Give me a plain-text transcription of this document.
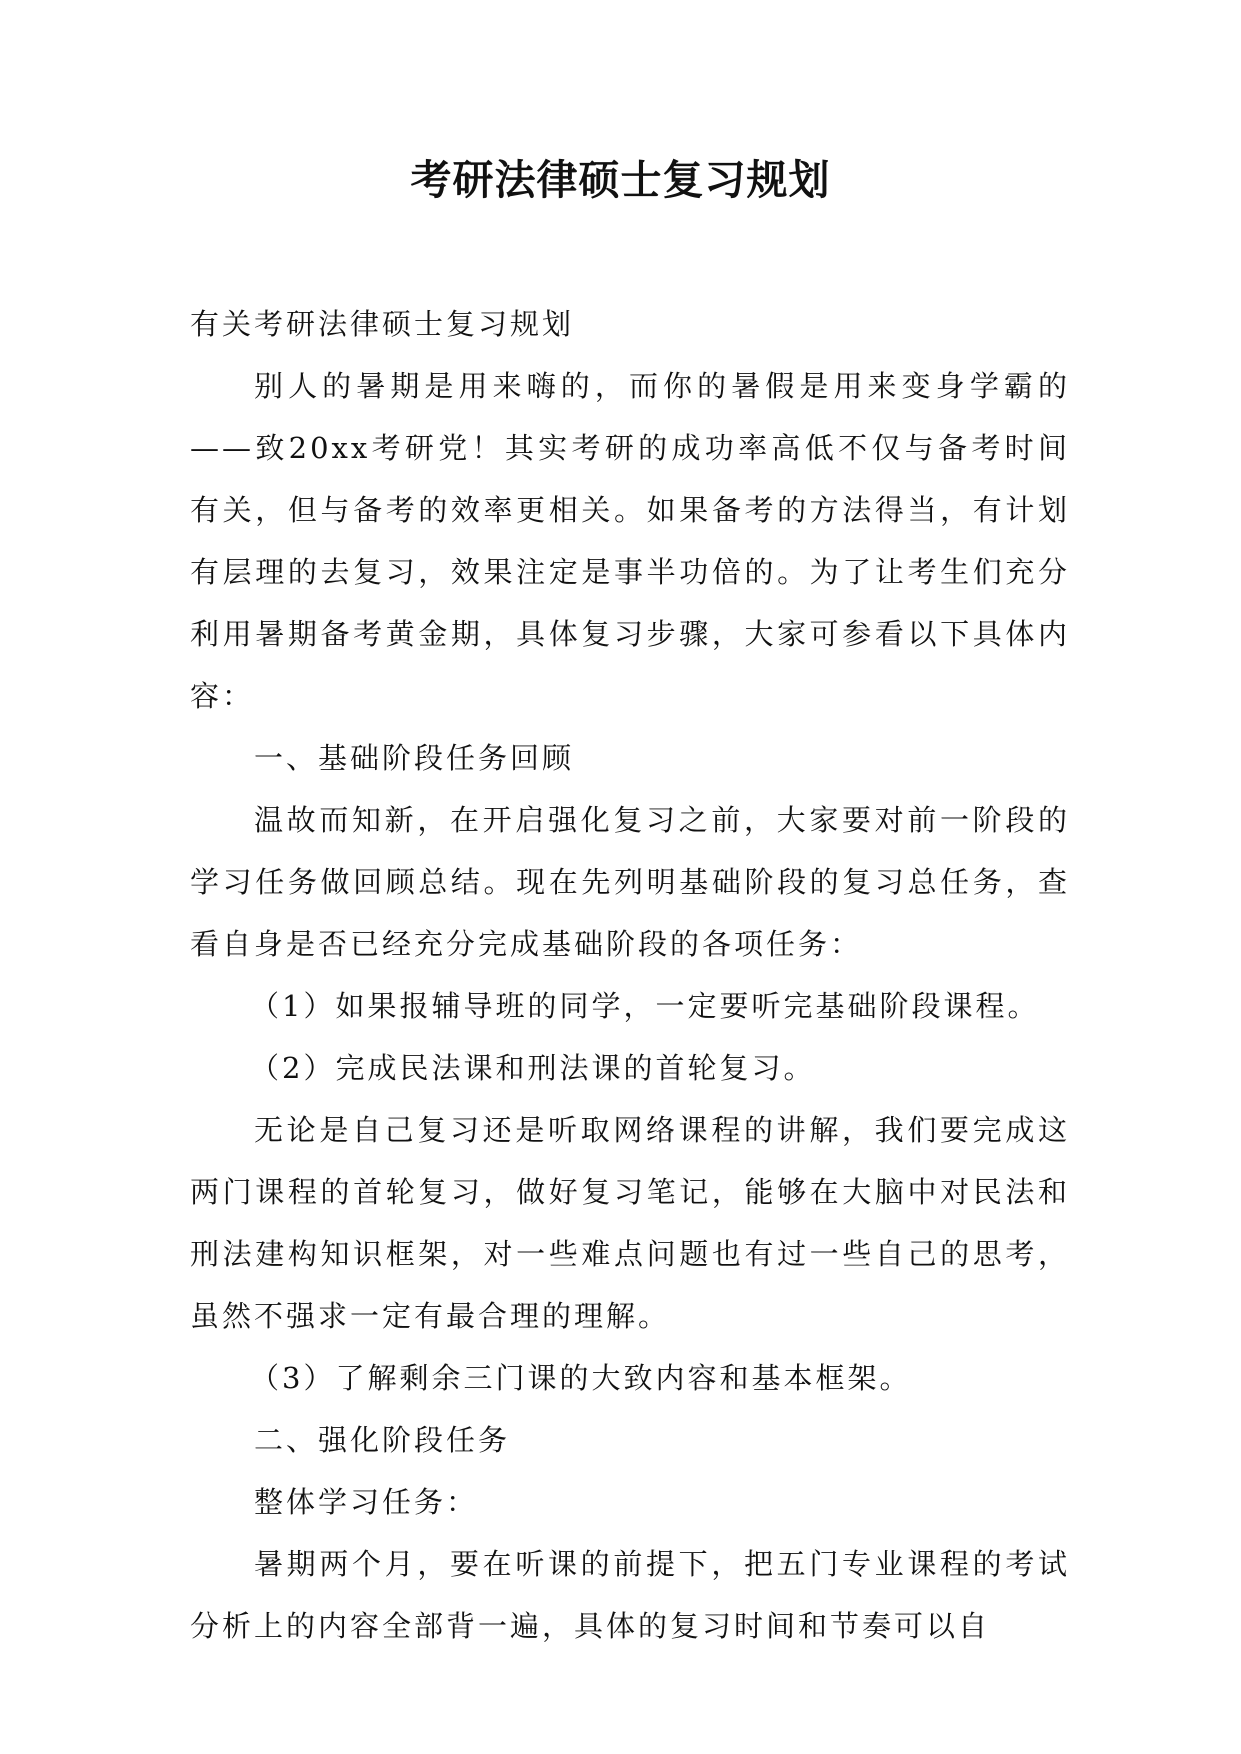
考研法律硕士复习规划

有关考研法律硕士复习规划

别人的暑期是用来嗨的，而你的暑假是用来变身学霸的——致20xx考研党！其实考研的成功率高低不仅与备考时间有关，但与备考的效率更相关。如果备考的方法得当，有计划有层理的去复习，效果注定是事半功倍的。为了让考生们充分利用暑期备考黄金期，具体复习步骤，大家可参看以下具体内容：

一、基础阶段任务回顾

温故而知新，在开启强化复习之前，大家要对前一阶段的学习任务做回顾总结。现在先列明基础阶段的复习总任务，查看自身是否已经充分完成基础阶段的各项任务：

（1）如果报辅导班的同学，一定要听完基础阶段课程。

（2）完成民法课和刑法课的首轮复习。

无论是自己复习还是听取网络课程的讲解，我们要完成这两门课程的首轮复习，做好复习笔记，能够在大脑中对民法和刑法建构知识框架，对一些难点问题也有过一些自己的思考，虽然不强求一定有最合理的理解。

（3）了解剩余三门课的大致内容和基本框架。

二、强化阶段任务

整体学习任务：

暑期两个月，要在听课的前提下，把五门专业课程的考试分析上的内容全部背一遍，具体的复习时间和节奏可以自
